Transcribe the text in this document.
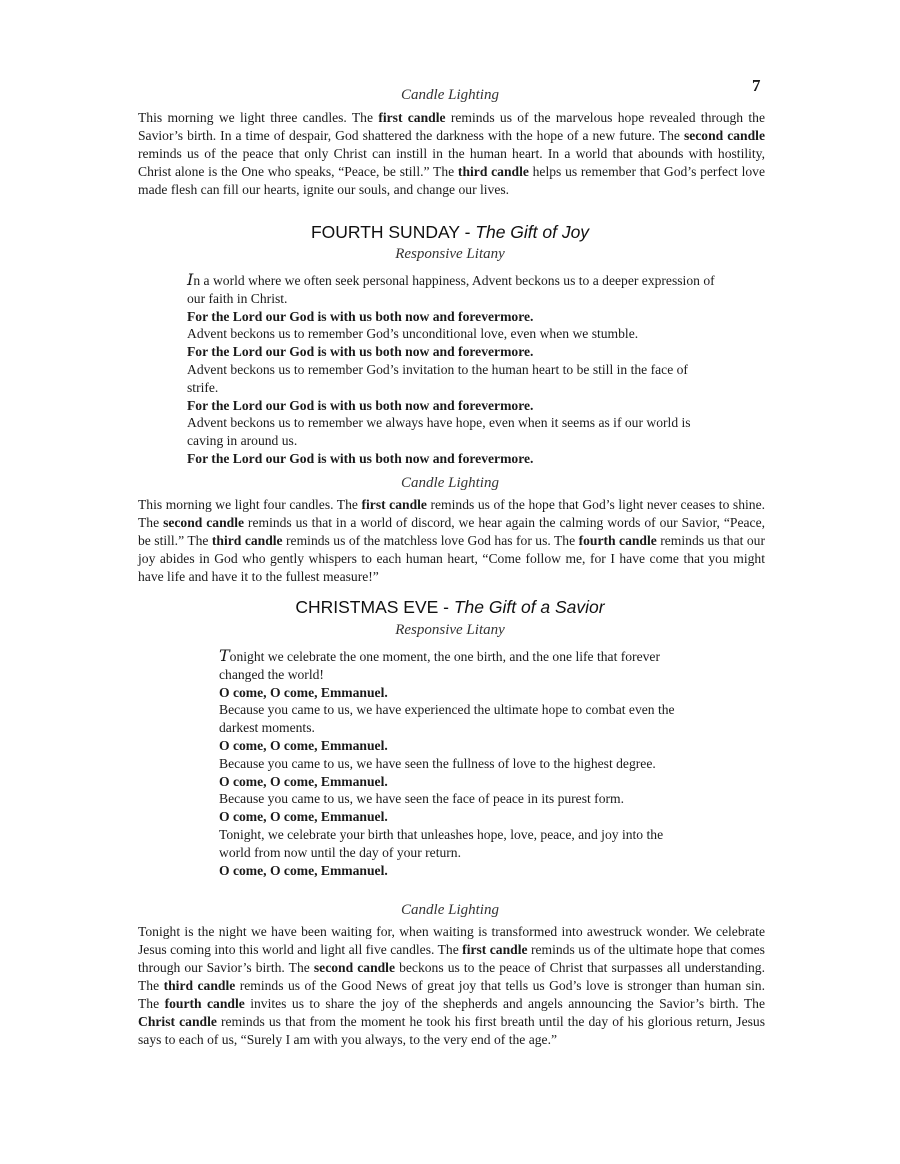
7

Candle Lighting

This morning we light three candles. The first candle reminds us of the marvelous hope revealed through the Savior’s birth. In a time of despair, God shattered the darkness with the hope of a new future. The second candle reminds us of the peace that only Christ can instill in the human heart. In a world that abounds with hostility, Christ alone is the One who speaks, “Peace, be still.” The third candle helps us remember that God’s perfect love made flesh can fill our hearts, ignite our souls, and change our lives.

FOURTH SUNDAY - The Gift of Joy

Responsive Litany

In a world where we often seek personal happiness, Advent beckons us to a deeper expression of our faith in Christ.
For the Lord our God is with us both now and forevermore.
Advent beckons us to remember God’s unconditional love, even when we stumble.
For the Lord our God is with us both now and forevermore.
Advent beckons us to remember God’s invitation to the human heart to be still in the face of strife.
For the Lord our God is with us both now and forevermore.
Advent beckons us to remember we always have hope, even when it seems as if our world is caving in around us.
For the Lord our God is with us both now and forevermore.

Candle Lighting

This morning we light four candles. The first candle reminds us of the hope that God’s light never ceases to shine. The second candle reminds us that in a world of discord, we hear again the calming words of our Savior, “Peace, be still.” The third candle reminds us of the matchless love God has for us. The fourth candle reminds us that our joy abides in God who gently whispers to each human heart, “Come follow me, for I have come that you might have life and have it to the fullest measure!”

CHRISTMAS EVE - The Gift of a Savior

Responsive Litany

Tonight we celebrate the one moment, the one birth, and the one life that forever changed the world!
O come, O come, Emmanuel.
Because you came to us, we have experienced the ultimate hope to combat even the darkest moments.
O come, O come, Emmanuel.
Because you came to us, we have seen the fullness of love to the highest degree.
O come, O come, Emmanuel.
Because you came to us, we have seen the face of peace in its purest form.
O come, O come, Emmanuel.
Tonight, we celebrate your birth that unleashes hope, love, peace, and joy into the world from now until the day of your return.
O come, O come, Emmanuel.

Candle Lighting

Tonight is the night we have been waiting for, when waiting is transformed into awestruck wonder. We celebrate Jesus coming into this world and light all five candles. The first candle reminds us of the ultimate hope that comes through our Savior’s birth. The second candle beckons us to the peace of Christ that surpasses all understanding. The third candle reminds us of the Good News of great joy that tells us God’s love is stronger than human sin. The fourth candle invites us to share the joy of the shepherds and angels announcing the Savior’s birth. The Christ candle reminds us that from the moment he took his first breath until the day of his glorious return, Jesus says to each of us, “Surely I am with you always, to the very end of the age.”
